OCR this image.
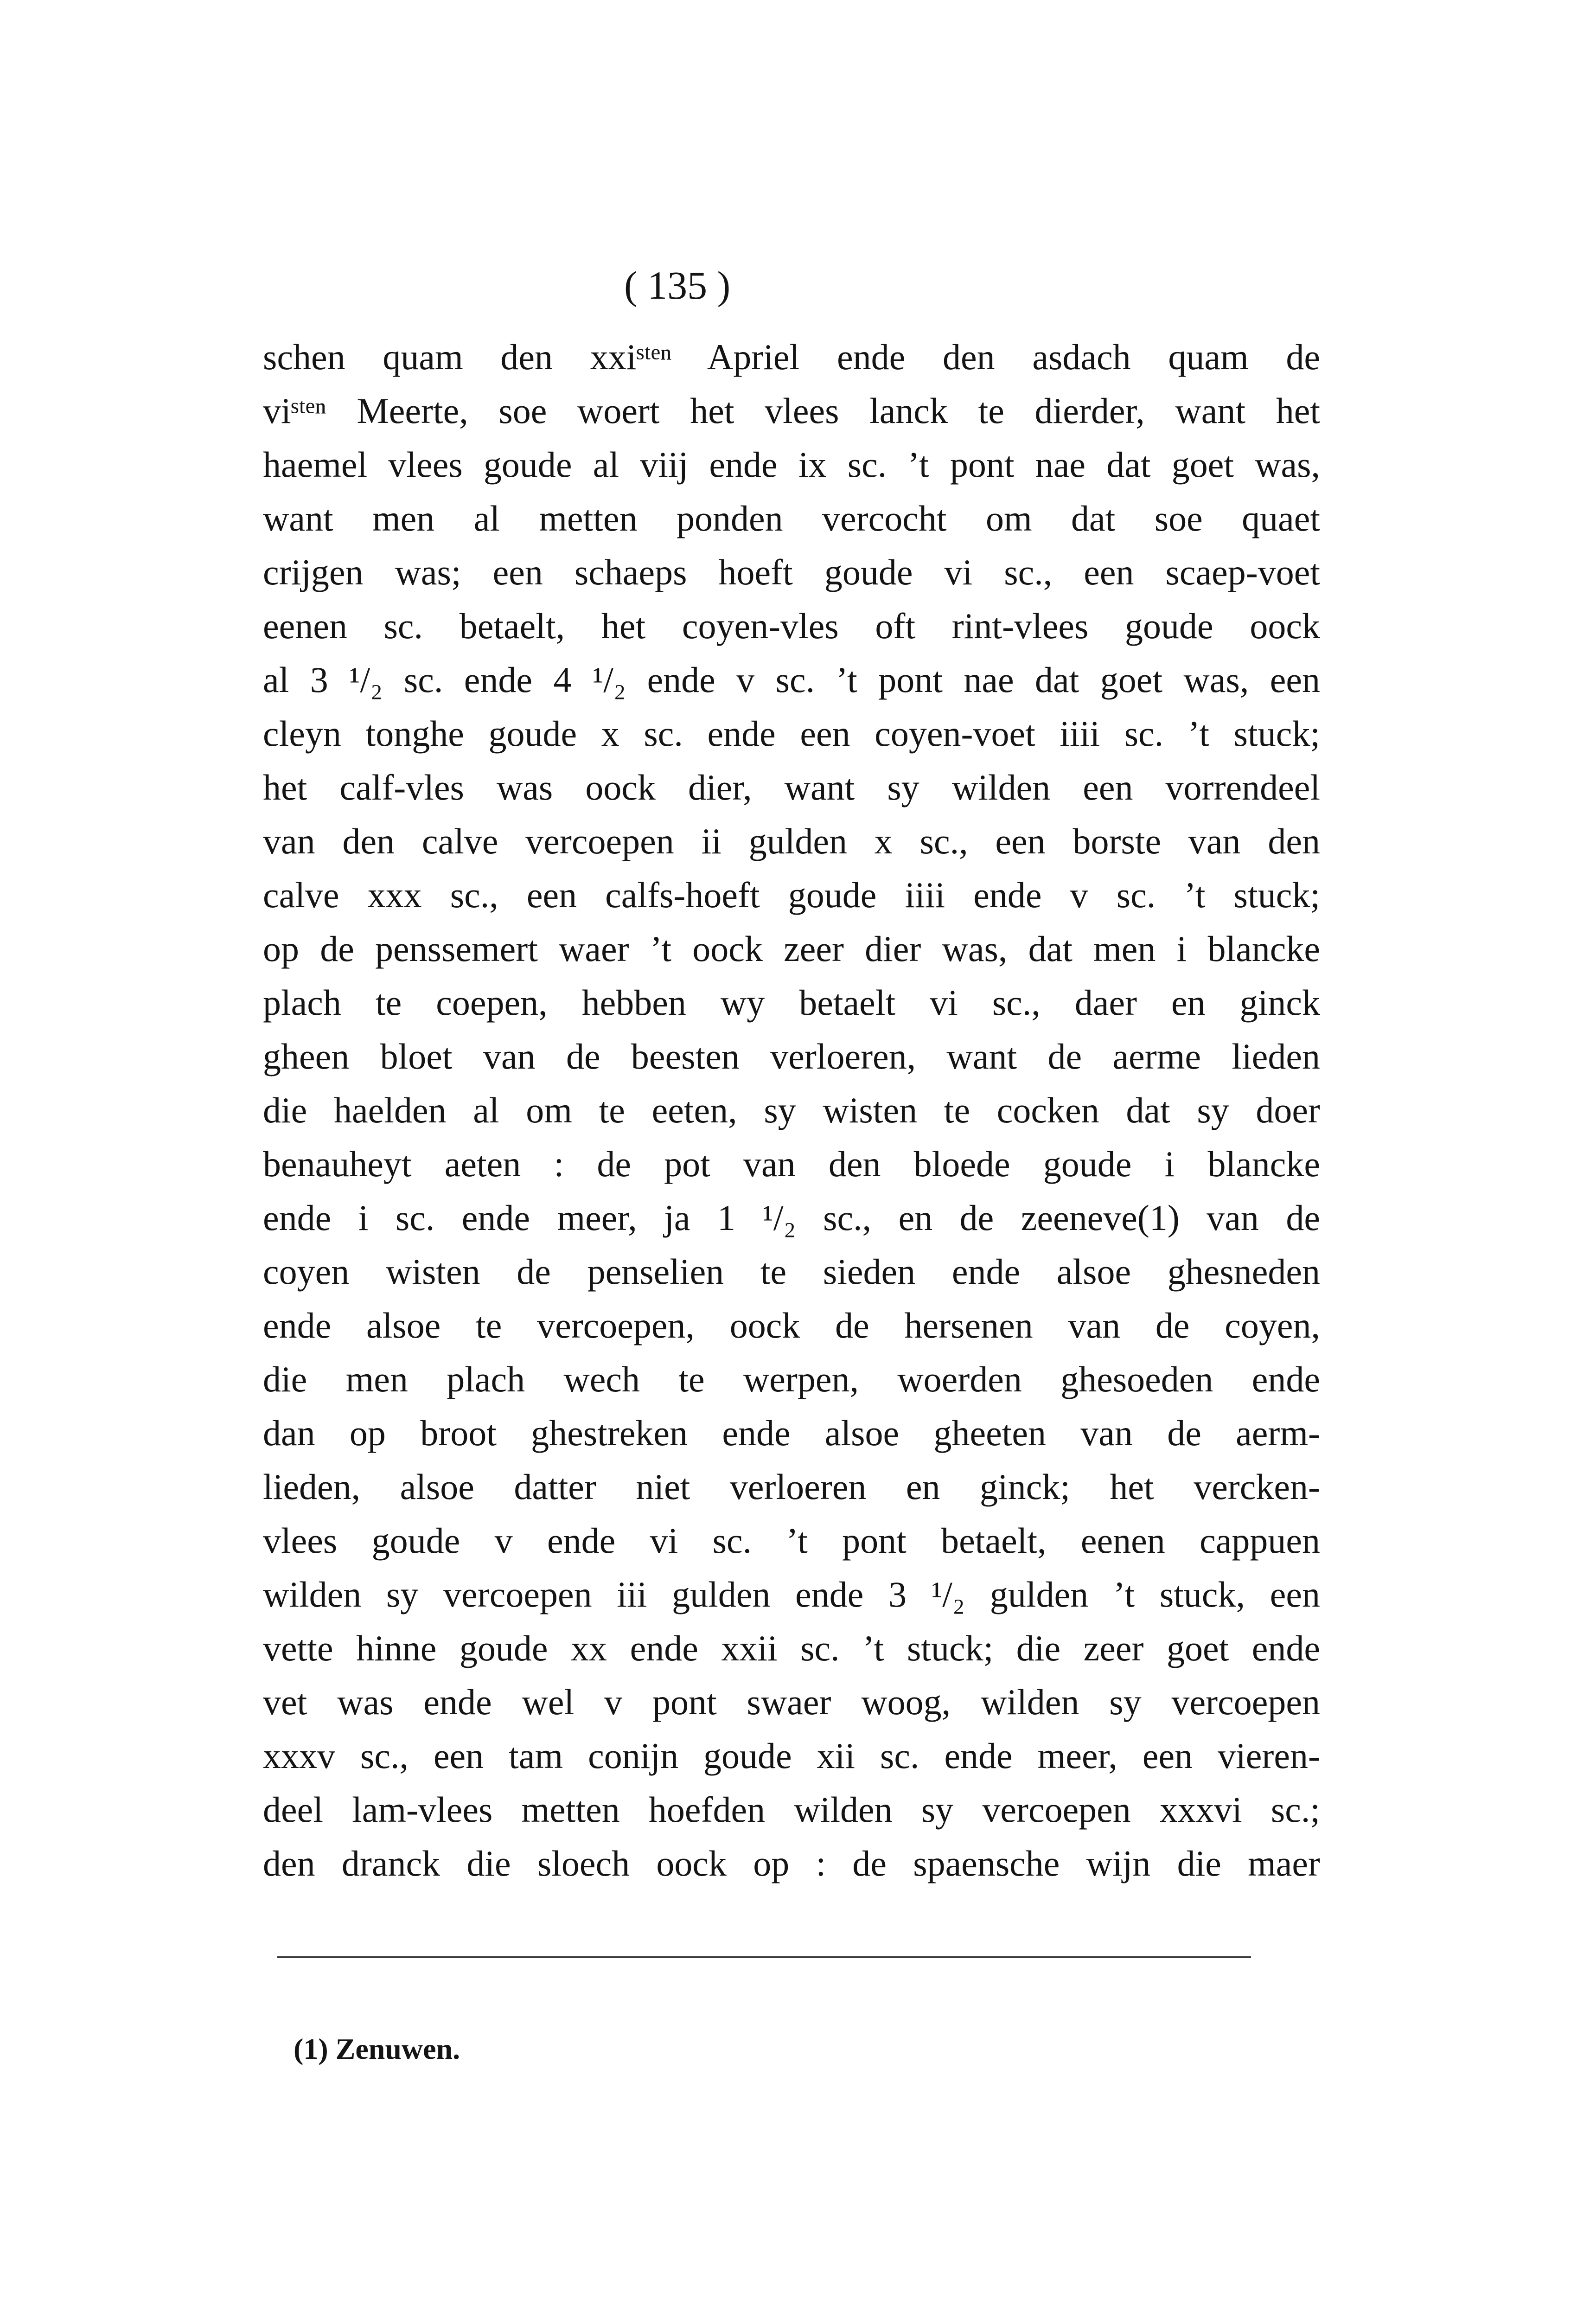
( 135 )
schen quam den xxiˢᵗᵉⁿ Apriel ende den asdach quam de
viˢᵗᵉⁿ Meerte, soe woert het vlees lanck te dierder, want het
haemel vlees goude al viij ende ix sc. ’t pont nae dat goet was,
want men al metten ponden vercocht om dat soe quaet
crijgen was; een schaeps hoeft goude vi sc., een scaep-voet
eenen sc. betaelt, het coyen-vles oft rint-vlees goude oock
al 3 ¹/₂ sc. ende 4 ¹/₂ ende v sc. ’t pont nae dat goet was, een
cleyn tonghe goude x sc. ende een coyen-voet iiii sc. ’t stuck;
het calf-vles was oock dier, want sy wilden een vorrendeel
van den calve vercoepen ii gulden x sc., een borste van den
calve xxx sc., een calfs-hoeft goude iiii ende v sc. ’t stuck;
op de penssemert waer ’t oock zeer dier was, dat men i blancke
plach te coepen, hebben wy betaelt vi sc., daer en ginck
gheen bloet van de beesten verloeren, want de aerme lieden
die haelden al om te eeten, sy wisten te cocken dat sy doer
benauheyt aeten : de pot van den bloede goude i blancke
ende i sc. ende meer, ja 1 ¹/₂ sc., en de zeeneve(1) van de
coyen wisten de penselien te sieden ende alsoe ghesneden
ende alsoe te vercoepen, oock de hersenen van de coyen,
die men plach wech te werpen, woerden ghesoeden ende
dan op broot ghestreken ende alsoe gheeten van de aerm-
lieden, alsoe datter niet verloeren en ginck; het vercken-
vlees goude v ende vi sc. ’t pont betaelt, eenen cappuen
wilden sy vercoepen iii gulden ende 3 ¹/₂ gulden ’t stuck, een
vette hinne goude xx ende xxii sc. ’t stuck; die zeer goet ende
vet was ende wel v pont swaer woog, wilden sy vercoepen
xxxv sc., een tam conijn goude xii sc. ende meer, een vieren-
deel lam-vlees metten hoefden wilden sy vercoepen xxxvi sc.;
den dranck die sloech oock op : de spaensche wijn die maer
(1) Zenuwen.
